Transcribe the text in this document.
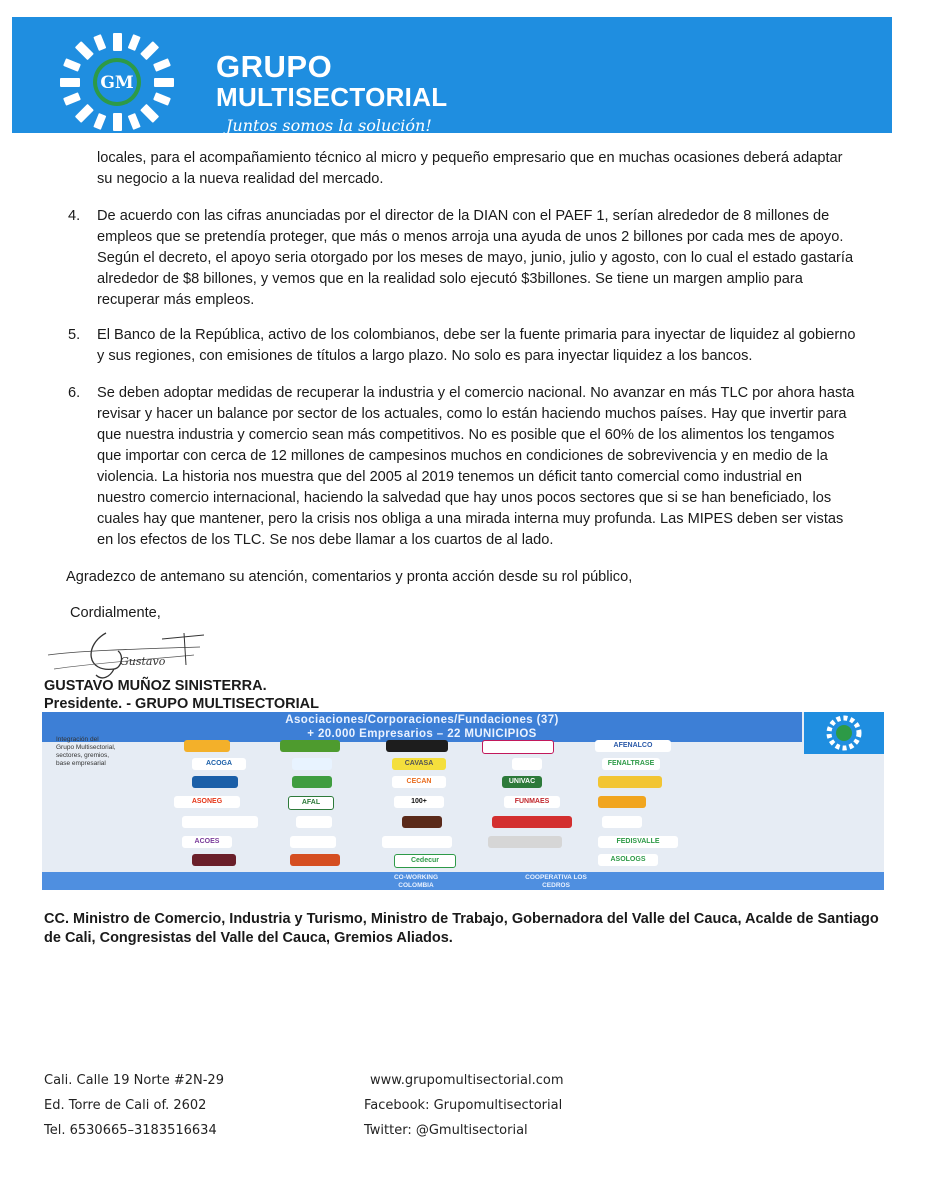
GM	GRUPO
MULTISECTORIAL
Juntos somos la solución!
locales, para el acompañamiento técnico al micro y pequeño empresario que en muchas ocasiones deberá adaptar
su negocio a la nueva realidad del mercado.
4. De acuerdo con las cifras anunciadas por el director de la DIAN con el PAEF 1, serían alrededor de 8 millones de
empleos que se pretendía proteger, que más o menos arroja una ayuda de unos 2 billones por cada mes de apoyo.
Según el decreto, el apoyo seria otorgado por los meses de mayo, junio, julio y agosto, con lo cual el estado gastaría
alrededor de $8 billones, y vemos que en la realidad solo ejecutó $3billones. Se tiene un margen amplio para
recuperar más empleos.
5. El Banco de la República, activo de los colombianos, debe ser la fuente primaria para inyectar de liquidez al gobierno
y sus regiones, con emisiones de títulos a largo plazo. No solo es para inyectar liquidez a los bancos.
6. Se deben adoptar medidas de recuperar la industria y el comercio nacional. No avanzar en más TLC por ahora hasta
revisar y hacer un balance por sector de los actuales, como lo están haciendo muchos países. Hay que invertir para
que nuestra industria y comercio sean más competitivos. No es posible que el 60% de los alimentos los tengamos
que importar con cerca de 12 millones de campesinos muchos en condiciones de sobrevivencia y en medio de la
violencia. La historia nos muestra que del 2005 al 2019 tenemos un déficit tanto comercial como industrial en
nuestro comercio internacional, haciendo la salvedad que hay unos pocos sectores que si se han beneficiado, los
cuales hay que mantener, pero la crisis nos obliga a una mirada interna muy profunda. Las MIPES deben ser vistas
en los efectos de los TLC. Se nos debe llamar a los cuartos de al lado.
Agradezco de antemano su atención, comentarios y pronta acción desde su rol público,
Cordialmente,
Gustavo
GUSTAVO MUÑOZ SINISTERRA.
Presidente. - GRUPO MULTISECTORIAL
Asociaciones/Corporaciones/Fundaciones (37)
+ 20.000 Empresarios – 22 MUNICIPIOS
Integración del Grupo Multisectorial, sectores, gremios, base empresarial
AFENALCO
ACOGA	CAVASA	FENALTRASE
CECAN	UNIVAC
ASONEG	AFAL	100+	FUNMAES
ACOES	FEDISVALLE
Cedecur	ASOLOGS
CO-WORKING COLOMBIA
COOPERATIVA LOS CEDROS
CC. Ministro de Comercio, Industria y Turismo, Ministro de Trabajo, Gobernadora del Valle del Cauca, Acalde de Santiago de Cali, Congresistas del Valle del Cauca, Gremios Aliados.
Cali. Calle 19 Norte #2N-29
Ed. Torre de Cali of. 2602
Tel. 6530665–3183516634
www.grupomultisectorial.com
Facebook: Grupomultisectorial
Twitter: @Gmultisectorial
